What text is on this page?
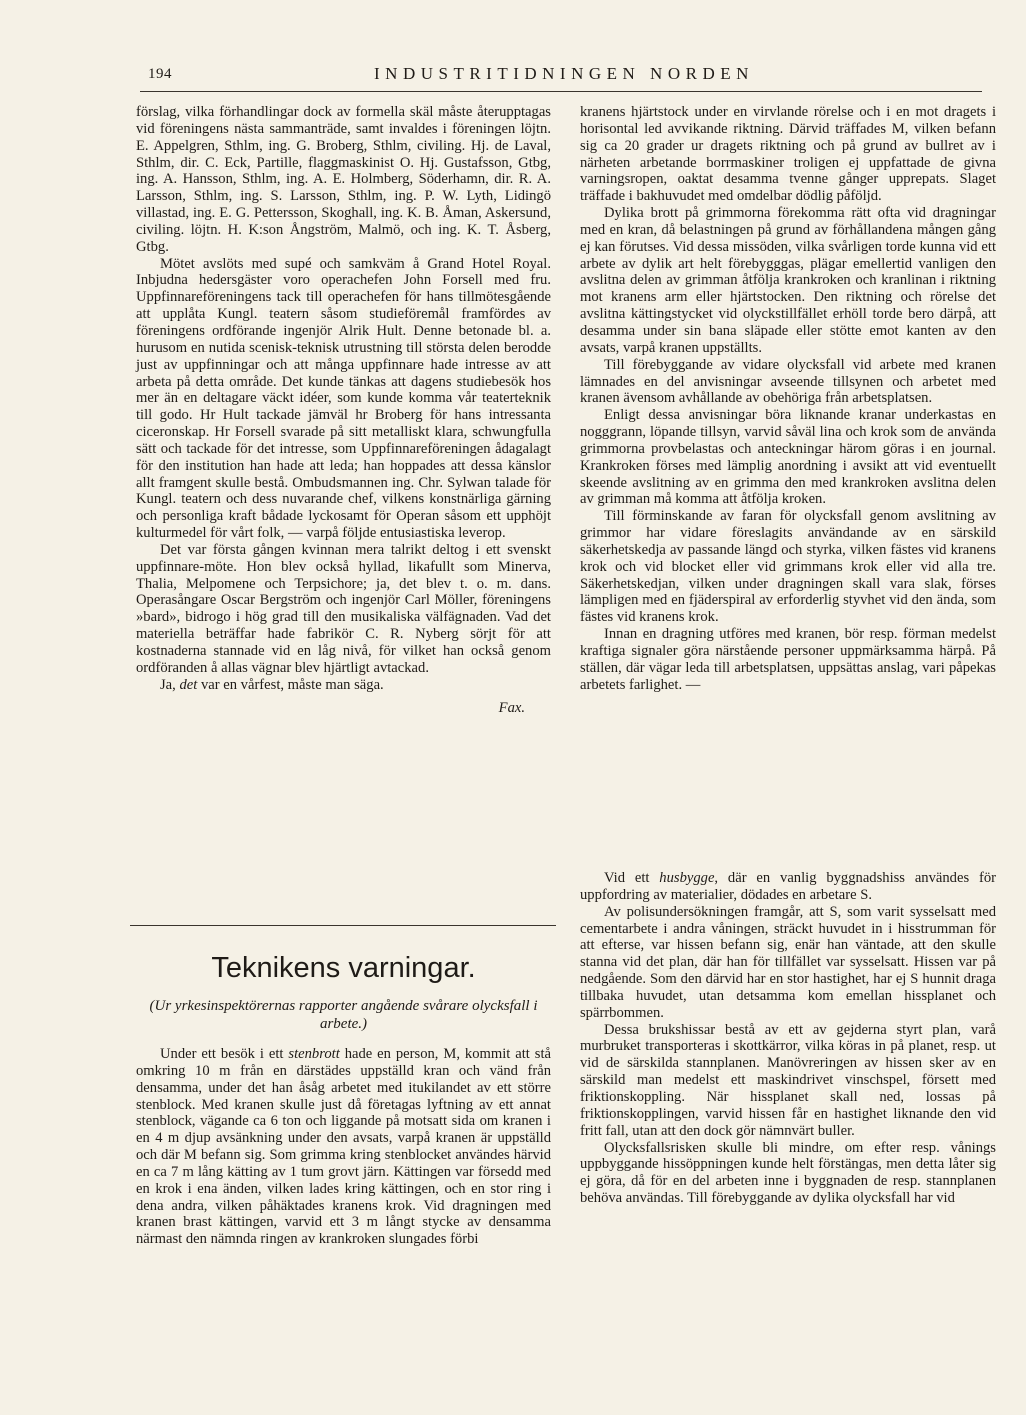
194	INDUSTRITIDNINGEN NORDEN

förslag, vilka förhandlingar dock av formella skäl måste återupptagas vid föreningens nästa sammanträde, samt invaldes i föreningen löjtn. E. Appelgren, Sthlm, ing. G. Broberg, Sthlm, civiling. Hj. de Laval, Sthlm, dir. C. Eck, Partille, flaggmaskinist O. Hj. Gustafsson, Gtbg, ing. A. Hansson, Sthlm, ing. A. E. Holmberg, Söderhamn, dir. R. A. Larsson, Sthlm, ing. S. Larsson, Sthlm, ing. P. W. Lyth, Lidingö villastad, ing. E. G. Pettersson, Skoghall, ing. K. B. Åman, Askersund, civiling. löjtn. H. K:son Ångström, Malmö, och ing. K. T. Åsberg, Gtbg.

Mötet avslöts med supé och samkväm å Grand Hotel Royal. Inbjudna hedersgäster voro operachefen John Forsell med fru. Uppfinnareföreningens tack till operachefen för hans tillmötesgående att upplåta Kungl. teatern såsom studieföremål framfördes av föreningens ordförande ingenjör Alrik Hult. Denne betonade bl. a. hurusom en nutida scenisk-teknisk utrustning till största delen berodde just av uppfinningar och att många uppfinnare hade intresse av att arbeta på detta område. Det kunde tänkas att dagens studiebesök hos mer än en deltagare väckt idéer, som kunde komma vår teaterteknik till godo. Hr Hult tackade jämväl hr Broberg för hans intressanta ciceronskap. Hr Forsell svarade på sitt metalliskt klara, schwungfulla sätt och tackade för det intresse, som Uppfinnareföreningen ådagalagt för den institution han hade att leda; han hoppades att dessa känslor allt framgent skulle bestå. Ombudsmannen ing. Chr. Sylwan talade för Kungl. teatern och dess nuvarande chef, vilkens konstnärliga gärning och personliga kraft bådade lyckosamt för Operan såsom ett upphöjt kulturmedel för vårt folk, — varpå följde entusiastiska leverop.

Det var första gången kvinnan mera talrikt deltog i ett svenskt uppfinnare-möte. Hon blev också hyllad, likafullt som Minerva, Thalia, Melpomene och Terpsichore; ja, det blev t. o. m. dans. Operasångare Oscar Bergström och ingenjör Carl Möller, föreningens »bard», bidrogo i hög grad till den musikaliska välfägnaden. Vad det materiella beträffar hade fabrikör C. R. Nyberg sörjt för att kostnaderna stannade vid en låg nivå, för vilket han också genom ordföranden å allas vägnar blev hjärtligt avtackad.

Ja, det var en vårfest, måste man säga.

Fax.

Teknikens varningar.
(Ur yrkesinspektörernas rapporter angående svårare olycksfall i arbete.)

Under ett besök i ett stenbrott hade en person, M, kommit att stå omkring 10 m från en därstädes uppställd kran och vänd från densamma, under det han åsåg arbetet med itukilandet av ett större stenblock. Med kranen skulle just då företagas lyftning av ett annat stenblock, vägande ca 6 ton och liggande på motsatt sida om kranen i en 4 m djup avsänkning under den avsats, varpå kranen är uppställd och där M befann sig. Som grimma kring stenblocket användes härvid en ca 7 m lång kätting av 1 tum grovt järn. Kättingen var försedd med en krok i ena änden, vilken lades kring kättingen, och en stor ring i dena andra, vilken påhäktades kranens krok. Vid dragningen med kranen brast kättingen, varvid ett 3 m långt stycke av densamma närmast den nämnda ringen av krankroken slungades förbi

kranens hjärtstock under en virvlande rörelse och i en mot dragets i horisontal led avvikande riktning. Därvid träffades M, vilken befann sig ca 20 grader ur dragets riktning och på grund av bullret av i närheten arbetande borrmaskiner troligen ej uppfattade de givna varningsropen, oaktat desamma tvenne gånger upprepats. Slaget träffade i bakhuvudet med omdelbar dödlig påföljd.

Dylika brott på grimmorna förekomma rätt ofta vid dragningar med en kran, då belastningen på grund av förhållandena mången gång ej kan förutses. Vid dessa missöden, vilka svårligen torde kunna vid ett arbete av dylik art helt förebygggas, plägar emellertid vanligen den avslitna delen av grimman åtfölja krankroken och kranlinan i riktning mot kranens arm eller hjärtstocken. Den riktning och rörelse det avslitna kättingstycket vid olyckstillfället erhöll torde bero därpå, att desamma under sin bana släpade eller stötte emot kanten av den avsats, varpå kranen uppställts.

Till förebyggande av vidare olycksfall vid arbete med kranen lämnades en del anvisningar avseende tillsynen och arbetet med kranen ävensom avhållande av obehöriga från arbetsplatsen.

Enligt dessa anvisningar böra liknande kranar underkastas en nogggrann, löpande tillsyn, varvid såväl lina och krok som de använda grimmorna provbelastas och anteckningar härom göras i en journal. Krankroken förses med lämplig anordning i avsikt att vid eventuellt skeende avslitning av en grimma den med krankroken avslitna delen av grimman må komma att åtfölja kroken.

Till förminskande av faran för olycksfall genom avslitning av grimmor har vidare föreslagits användande av en särskild säkerhetskedja av passande längd och styrka, vilken fästes vid kranens krok och vid blocket eller vid grimmans krok eller vid alla tre. Säkerhetskedjan, vilken under dragningen skall vara slak, förses lämpligen med en fjäderspiral av erforderlig styvhet vid den ända, som fästes vid kranens krok.

Innan en dragning utföres med kranen, bör resp. förman medelst kraftiga signaler göra närstående personer uppmärksamma härpå. På ställen, där vägar leda till arbetsplatsen, uppsättas anslag, vari påpekas arbetets farlighet. —

Vid ett husbygge, där en vanlig byggnadshiss användes för uppfordring av materialier, dödades en arbetare S.

Av polisundersökningen framgår, att S, som varit sysselsatt med cementarbete i andra våningen, sträckt huvudet in i hisstrumman för att efterse, var hissen befann sig, enär han väntade, att den skulle stanna vid det plan, där han för tillfället var sysselsatt. Hissen var på nedgående. Som den därvid har en stor hastighet, har ej S hunnit draga tillbaka huvudet, utan detsamma kom emellan hissplanet och spärrbommen.

Dessa brukshissar bestå av ett av gejderna styrt plan, varå murbruket transporteras i skottkärror, vilka köras in på planet, resp. ut vid de särskilda stannplanen. Manövreringen av hissen sker av en särskild man medelst ett maskindrivet vinschspel, försett med friktionskoppling. När hissplanet skall ned, lossas på friktionskopplingen, varvid hissen får en hastighet liknande den vid fritt fall, utan att den dock gör nämnvärt buller.

Olycksfallsrisken skulle bli mindre, om efter resp. vånings uppbyggande hissöppningen kunde helt förstängas, men detta låter sig ej göra, då för en del arbeten inne i byggnaden de resp. stannplanen behöva användas. Till förebyggande av dylika olycksfall har vid
